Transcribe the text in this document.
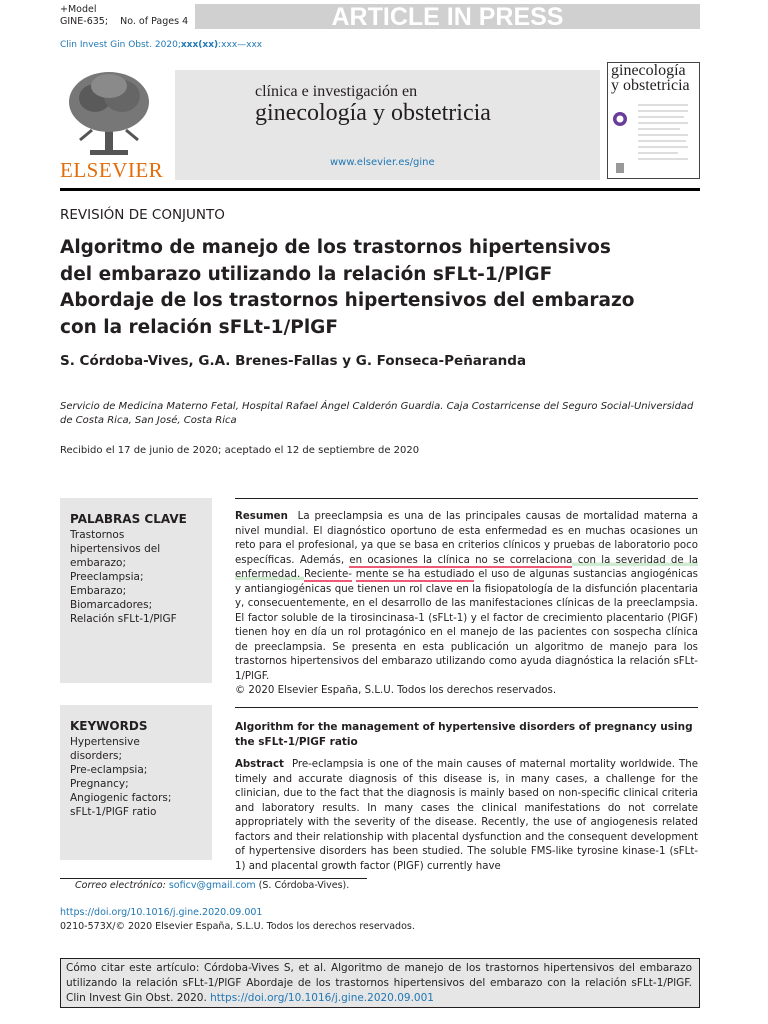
+Model
GINE-635; No. of Pages 4	ARTICLE IN PRESS
Clin Invest Gin Obst. 2020;xxx(xx):xxx—xxx
ELSEVIER
clínica e investigación en
ginecología y obstetricia
www.elsevier.es/gine
ginecología
y obstetricia
REVISIÓN DE CONJUNTO
Algoritmo de manejo de los trastornos hipertensivos
del embarazo utilizando la relación sFLt-1/PlGF
Abordaje de los trastornos hipertensivos del embarazo
con la relación sFLt-1/PlGF
S. Córdoba-Vives, G.A. Brenes-Fallas y G. Fonseca-Peñaranda
Servicio de Medicina Materno Fetal, Hospital Rafael Ángel Calderón Guardia. Caja Costarricense del Seguro Social-Universidad de Costa Rica, San José, Costa Rica
Recibido el 17 de junio de 2020; aceptado el 12 de septiembre de 2020
PALABRAS CLAVE
Trastornos
hipertensivos del
embarazo;
Preeclampsia;
Embarazo;
Biomarcadores;
Relación sFLt-1/PlGF
Resumen La preeclampsia es una de las principales causas de mortalidad materna a nivel mundial. El diagnóstico oportuno de esta enfermedad es en muchas ocasiones un reto para el profesional, ya que se basa en criterios clínicos y pruebas de laboratorio poco específicas. Además, en ocasiones la clínica no se correlaciona con la severidad de la enfermedad. Reciente- mente se ha estudiado el uso de algunas sustancias angiogénicas y antiangiogénicas que tienen un rol clave en la fisiopatología de la disfunción placentaria y, consecuentemente, en el desarrollo de las manifestaciones clínicas de la preeclampsia. El factor soluble de la tirosincinasa-1 (sFLt-1) y el factor de crecimiento placentario (PlGF) tienen hoy en día un rol protagónico en el manejo de las pacientes con sospecha clínica de preeclampsia. Se presenta en esta publicación un algoritmo de manejo para los trastornos hipertensivos del embarazo utilizando como ayuda diagnóstica la relación sFLt-1/PlGF.
© 2020 Elsevier España, S.L.U. Todos los derechos reservados.
KEYWORDS
Hypertensive
disorders;
Pre-eclampsia;
Pregnancy;
Angiogenic factors;
sFLt-1/PlGF ratio
Algorithm for the management of hypertensive disorders of pregnancy using the sFLt-1/PlGF ratio
Abstract Pre-eclampsia is one of the main causes of maternal mortality worldwide. The timely and accurate diagnosis of this disease is, in many cases, a challenge for the clinician, due to the fact that the diagnosis is mainly based on non-specific clinical criteria and laboratory results. In many cases the clinical manifestations do not correlate appropriately with the severity of the disease. Recently, the use of angiogenesis related factors and their relationship with placental dysfunction and the consequent development of hypertensive disorders has been studied. The soluble FMS-like tyrosine kinase-1 (sFLt-1) and placental growth factor (PlGF) currently have
Correo electrónico: soficv@gmail.com (S. Córdoba-Vives).
https://doi.org/10.1016/j.gine.2020.09.001
0210-573X/© 2020 Elsevier España, S.L.U. Todos los derechos reservados.
Cómo citar este artículo: Córdoba-Vives S, et al. Algoritmo de manejo de los trastornos hipertensivos del embarazo utilizando la relación sFLt-1/PlGF Abordaje de los trastornos hipertensivos del embarazo con la relación sFLt-1/PlGF. Clin Invest Gin Obst. 2020. https://doi.org/10.1016/j.gine.2020.09.001
